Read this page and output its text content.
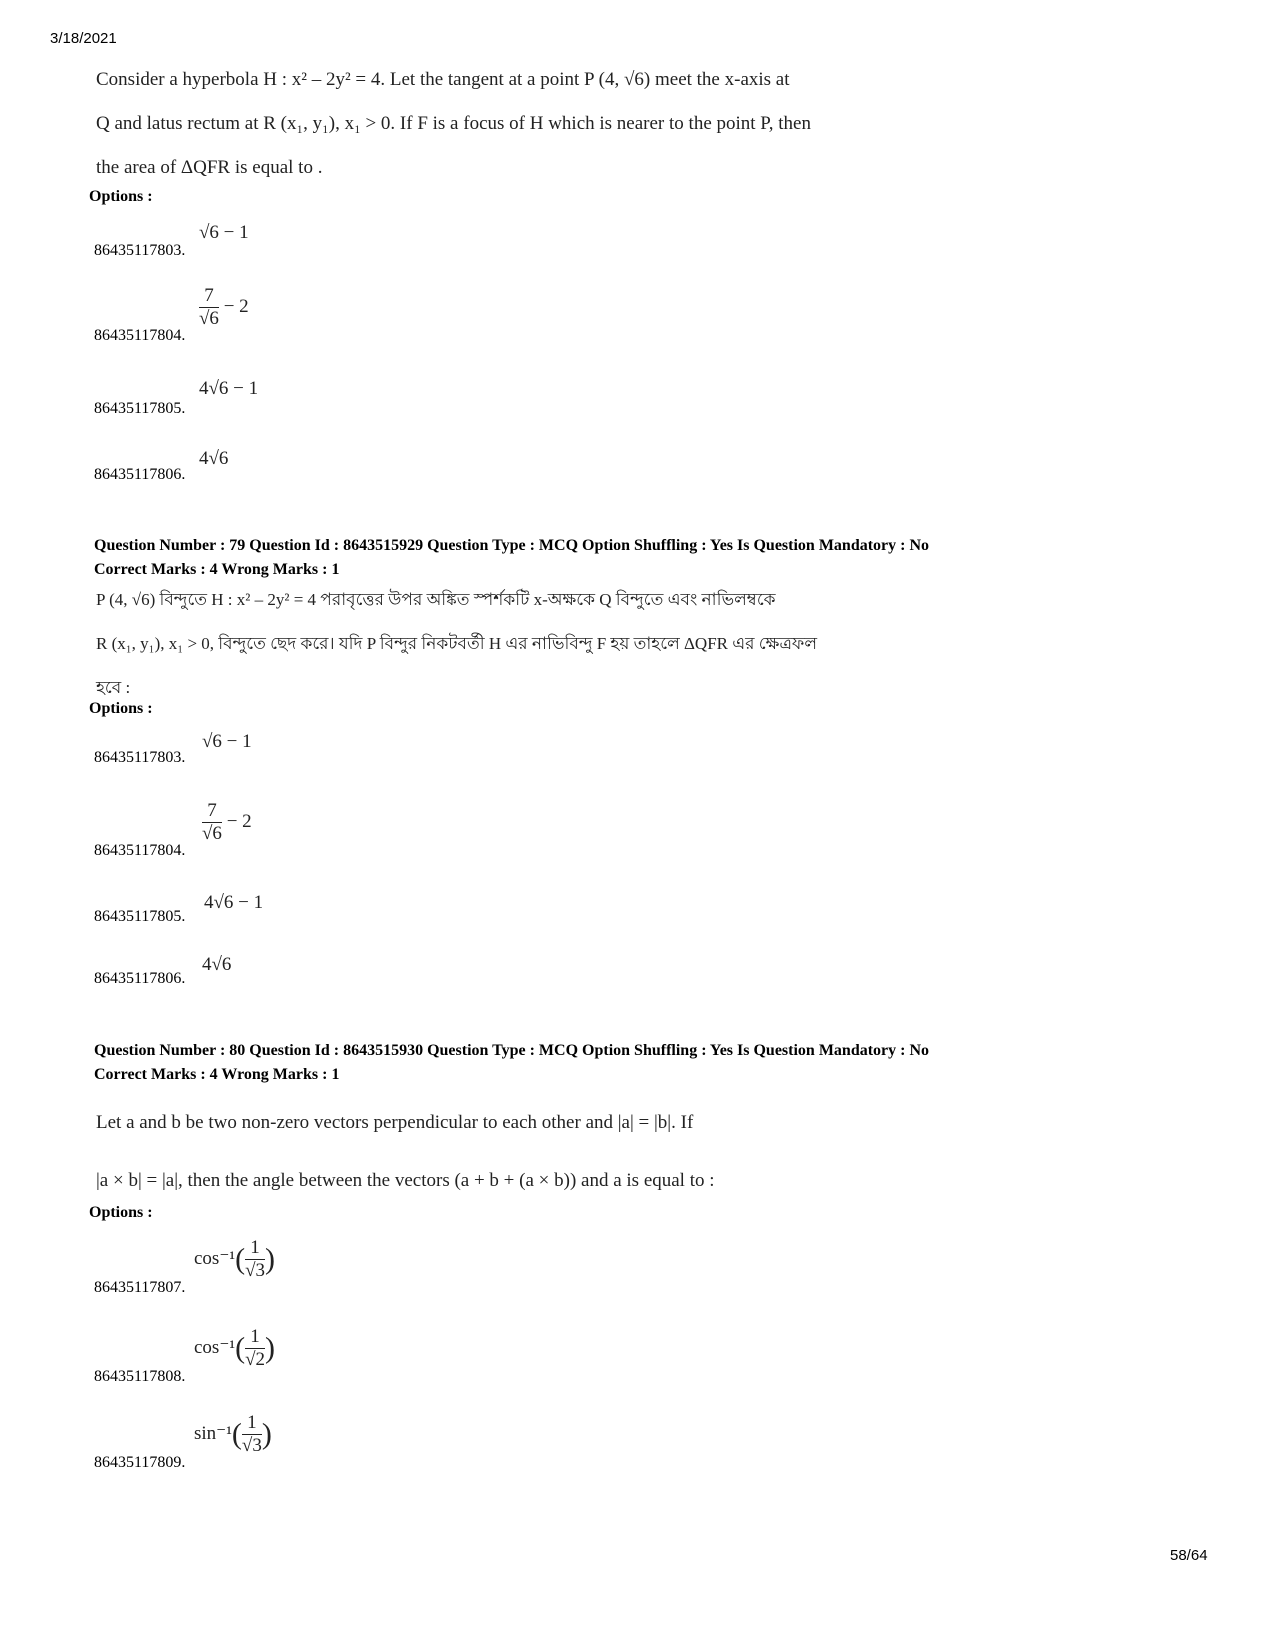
3/18/2021
Consider a hyperbola H : x² – 2y² = 4. Let the tangent at a point P (4, √6) meet the x-axis at
Q and latus rectum at R (x₁, y₁), x₁ > 0. If F is a focus of H which is nearer to the point P, then
the area of ΔQFR is equal to .
Options :
86435117803.
√6 − 1
86435117804.
$\frac{7}{√6} - 2$
86435117805.
4√6 − 1
86435117806.
4√6
Question Number : 79 Question Id : 8643515929 Question Type : MCQ Option Shuffling : Yes Is Question Mandatory : No
Correct Marks : 4 Wrong Marks : 1
P (4, √6) বিন্দুতে H : x² – 2y² = 4 পরাবৃত্তের উপর অঙ্কিত স্পর্শকটি x-অক্ষকে Q বিন্দুতে এবং নাভিলম্বকে
R (x₁, y₁), x₁ > 0, বিন্দুতে ছেদ করে। যদি P বিন্দুর নিকটবর্তী H এর নাভিবিন্দু F হয় তাহলে ΔQFR এর ক্ষেত্রফল
হবে :
Options :
86435117803.
√6 − 1
86435117804.
$\frac{7}{√6} - 2$
86435117805.
4√6 − 1
86435117806.
4√6
Question Number : 80 Question Id : 8643515930 Question Type : MCQ Option Shuffling : Yes Is Question Mandatory : No
Correct Marks : 4 Wrong Marks : 1
Let a and b be two non-zero vectors perpendicular to each other and |a| = |b|. If
|a × b| = |a|, then the angle between the vectors (a + b + (a × b)) and a is equal to :
Options :
86435117807.
$\cos^{-1}( \frac{1}{√3}$ )
86435117808.
$\cos^{-1}( \frac{1}{√2}$ )
86435117809.
$\sin^{-1}( \frac{1}{√3}$ )
58/64
